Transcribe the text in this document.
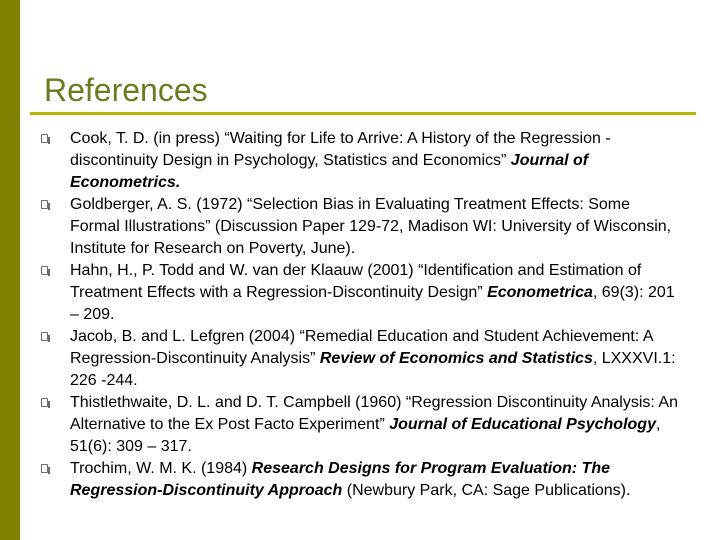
References
Cook, T. D. (in press) “Waiting for Life to Arrive: A History of the Regression -discontinuity Design in Psychology, Statistics and Economics” Journal of Econometrics.
Goldberger, A. S. (1972) “Selection Bias in Evaluating Treatment Effects: Some Formal Illustrations” (Discussion Paper 129-72, Madison WI: University of Wisconsin, Institute for Research on Poverty, June).
Hahn, H., P. Todd and W. van der Klaauw (2001) “Identification and Estimation of Treatment Effects with a Regression-Discontinuity Design” Econometrica, 69(3): 201 – 209.
Jacob, B. and L. Lefgren (2004) “Remedial Education and Student Achievement: A Regression-Discontinuity Analysis” Review of Economics and Statistics, LXXXVI.1: 226 -244.
Thistlethwaite, D. L. and D. T. Campbell (1960) “Regression Discontinuity Analysis: An Alternative to the Ex Post Facto Experiment” Journal of Educational Psychology, 51(6): 309 – 317.
Trochim, W. M. K. (1984) Research Designs for Program Evaluation: The Regression-Discontinuity Approach (Newbury Park, CA: Sage Publications).
